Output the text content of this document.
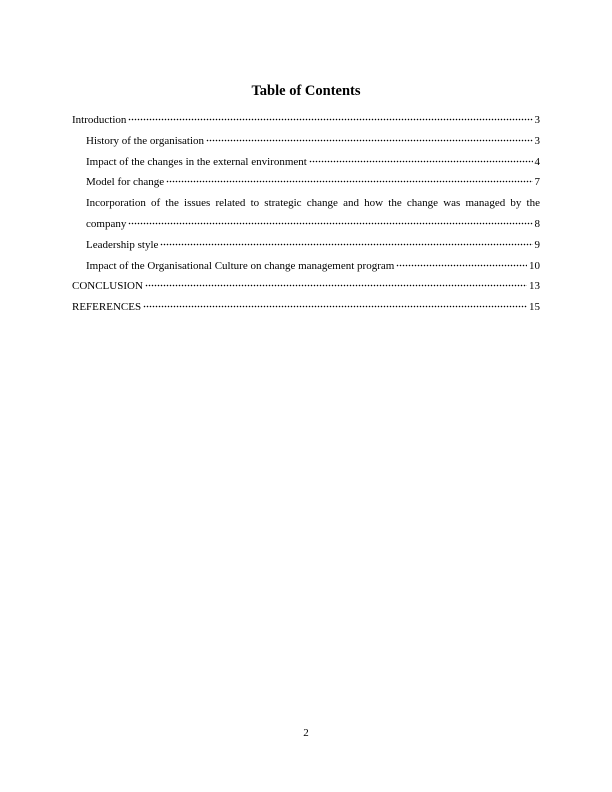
Table of Contents
Introduction	3
History of the organisation	3
Impact of the changes in the external environment	4
Model for change	7
Incorporation of the issues related to strategic change and how the change was managed by the company	8
Leadership style	9
Impact of the Organisational Culture on change management program	10
CONCLUSION	13
REFERENCES	15
2
